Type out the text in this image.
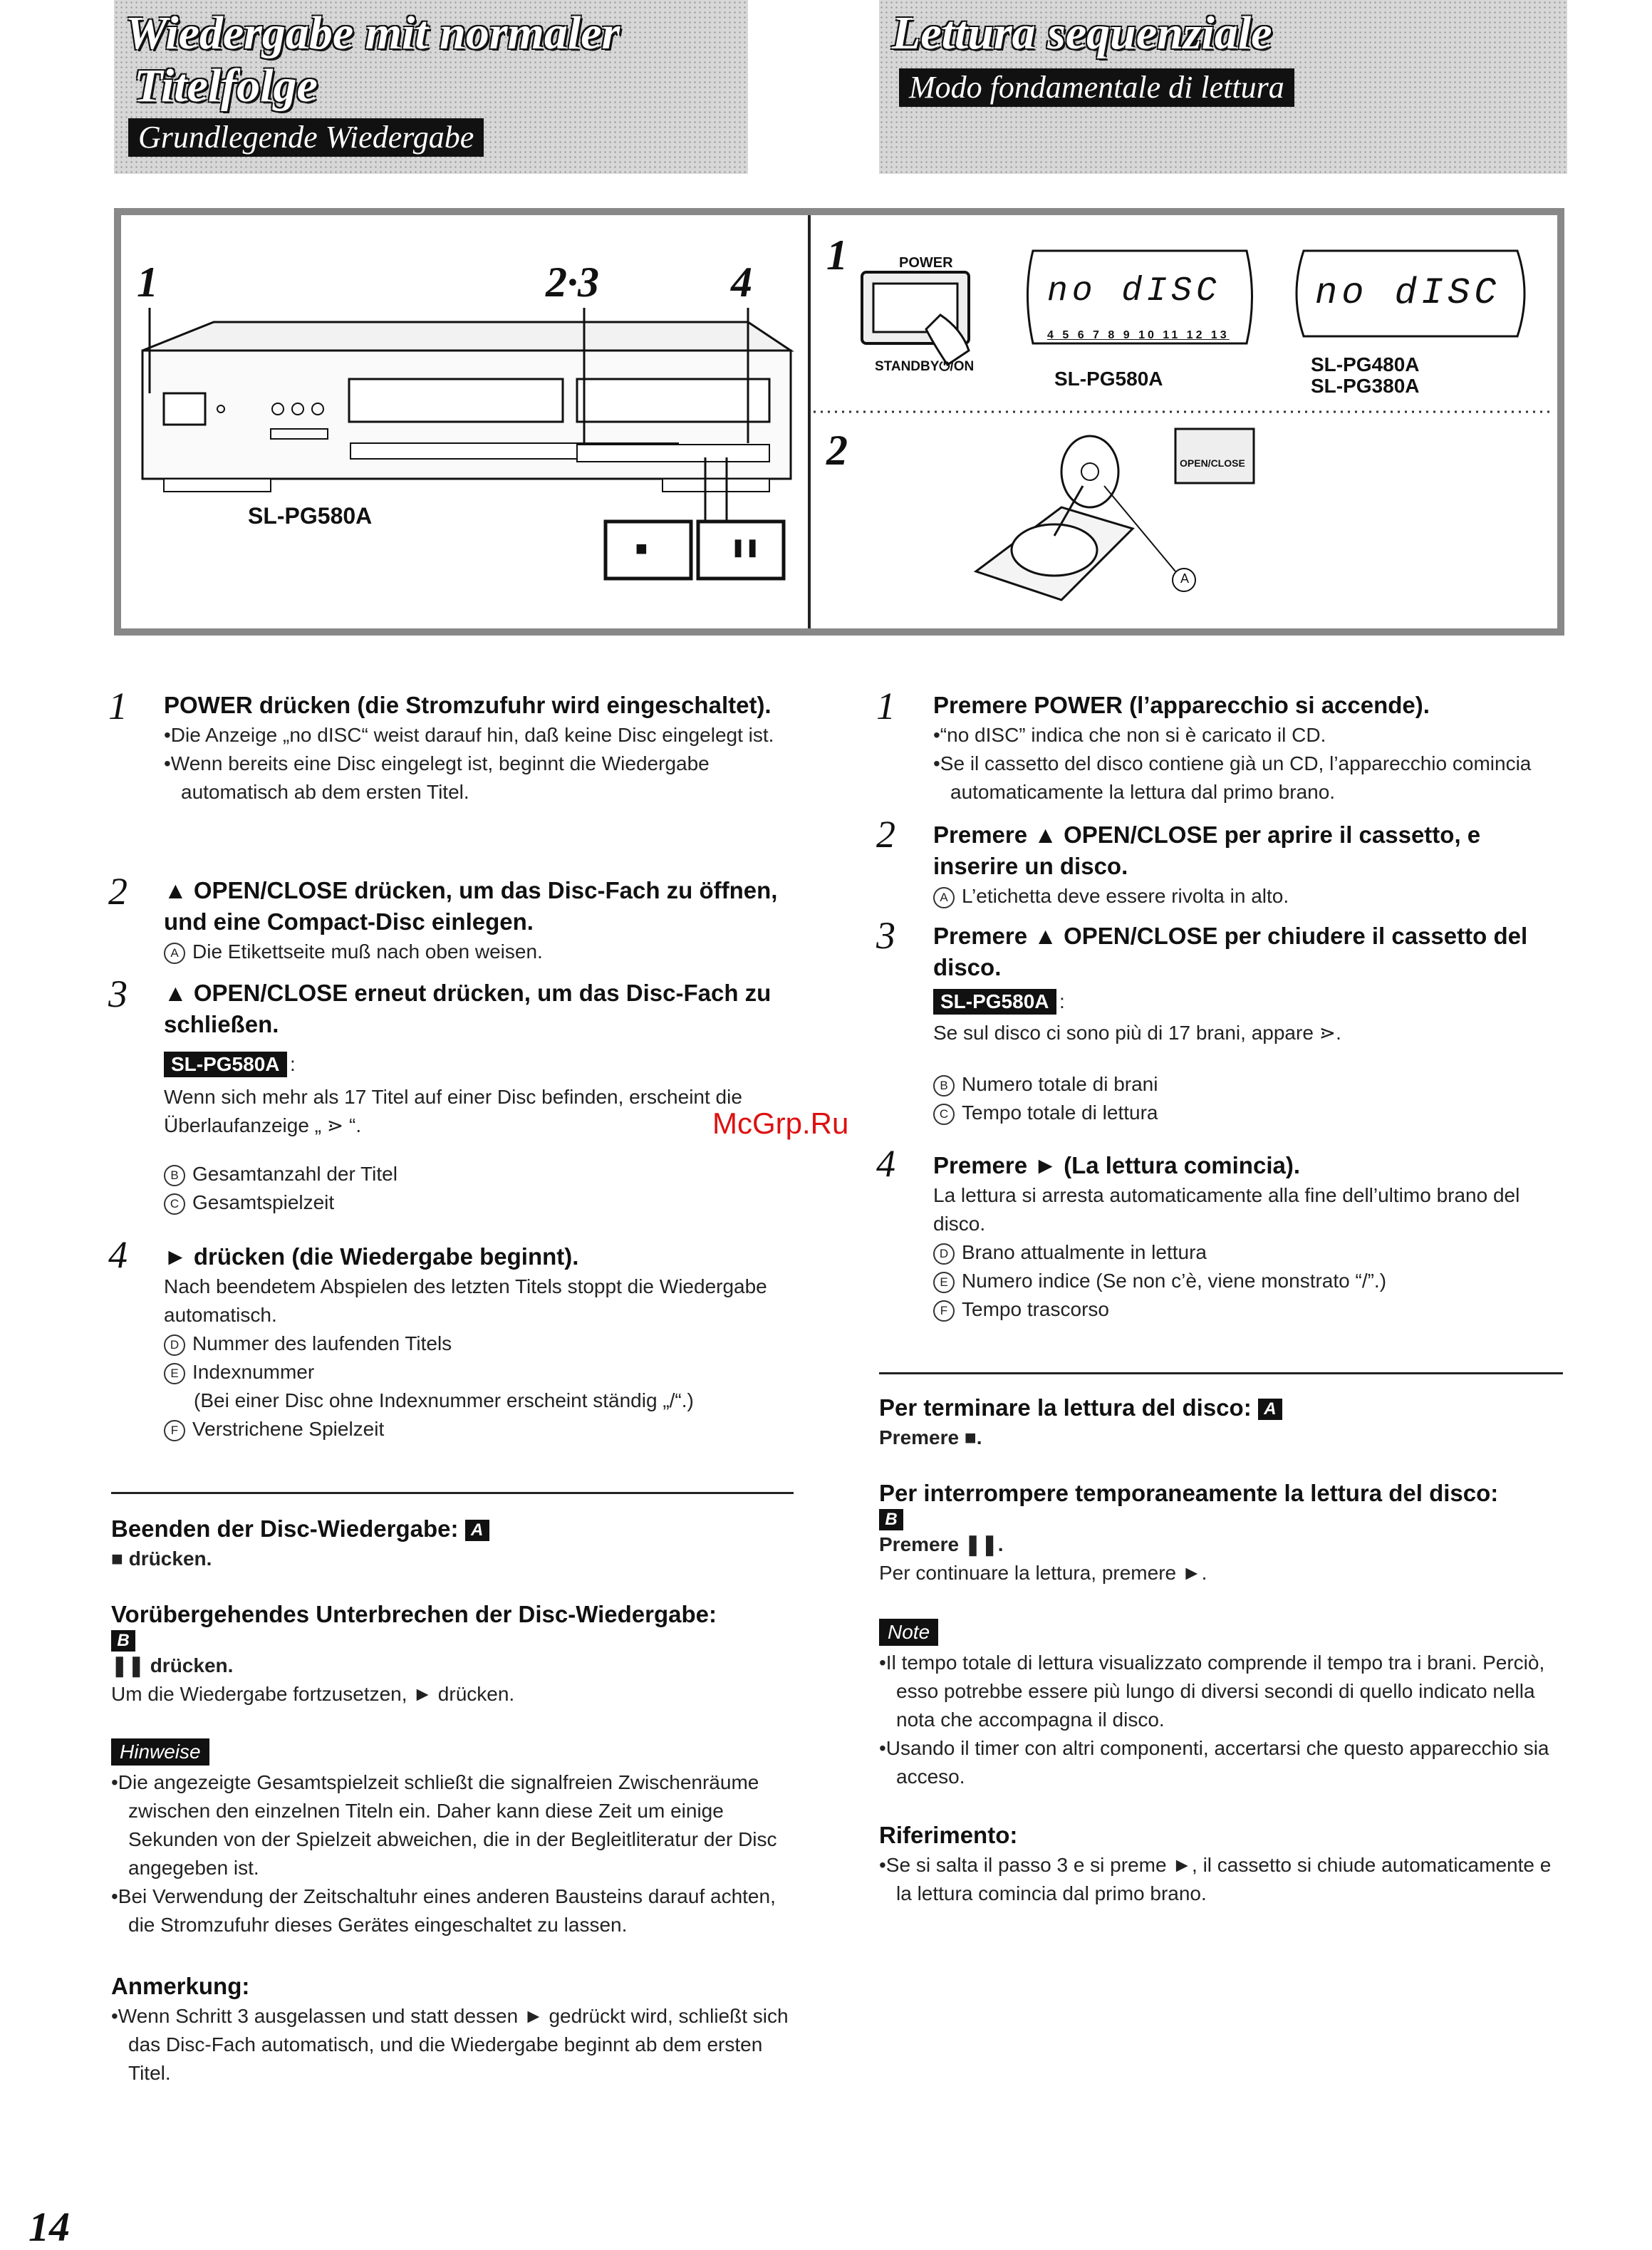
Wiedergabe mit normaler
Titelfolge
Grundlegende Wiedergabe
Lettura sequenziale
Modo fondamentale di lettura
1	2·3	4
SL-PG580A
■	❚❚
1
2
POWER
STANDBY⏻/ON
no dISC
4 5 6 7 8 9 10 11 12 13
SL-PG580A
no dISC
SL-PG480A
SL-PG380A
OPEN/CLOSE
A
1 POWER drücken (die Stromzufuhr wird eingeschaltet).
•Die Anzeige „no dISC“ weist darauf hin, daß keine Disc eingelegt ist.
•Wenn bereits eine Disc eingelegt ist, beginnt die Wiedergabe automatisch ab dem ersten Titel.
2 ▲ OPEN/CLOSE drücken, um das Disc-Fach zu öffnen, und eine Compact-Disc einlegen.
A Die Etikettseite muß nach oben weisen.
3 ▲ OPEN/CLOSE erneut drücken, um das Disc-Fach zu schließen.
SL-PG580A :
Wenn sich mehr als 17 Titel auf einer Disc befinden, erscheint die Überlaufanzeige „ ⋗ “.
B Gesamtanzahl der Titel
C Gesamtspielzeit
4 ► drücken (die Wiedergabe beginnt).
Nach beendetem Abspielen des letzten Titels stoppt die Wiedergabe automatisch.
D Nummer des laufenden Titels
E Indexnummer
(Bei einer Disc ohne Indexnummer erscheint ständig „/“.)
F Verstrichene Spielzeit
Beenden der Disc-Wiedergabe: A
■ drücken.
Vorübergehendes Unterbrechen der Disc-Wiedergabe:
B
❚❚ drücken.
Um die Wiedergabe fortzusetzen, ► drücken.
Hinweise
•Die angezeigte Gesamtspielzeit schließt die signalfreien Zwischenräume zwischen den einzelnen Titeln ein. Daher kann diese Zeit um einige Sekunden von der Spielzeit abweichen, die in der Begleitliteratur der Disc angegeben ist.
•Bei Verwendung der Zeitschaltuhr eines anderen Bausteins darauf achten, die Stromzufuhr dieses Gerätes eingeschaltet zu lassen.
Anmerkung:
•Wenn Schritt 3 ausgelassen und statt dessen ► gedrückt wird, schließt sich das Disc-Fach automatisch, und die Wiedergabe beginnt ab dem ersten Titel.
1 Premere POWER (l’apparecchio si accende).
•“no dISC” indica che non si è caricato il CD.
•Se il cassetto del disco contiene già un CD, l’apparecchio comincia automaticamente la lettura dal primo brano.
2 Premere ▲ OPEN/CLOSE per aprire il cassetto, e inserire un disco.
A L’etichetta deve essere rivolta in alto.
3 Premere ▲ OPEN/CLOSE per chiudere il cassetto del disco.
SL-PG580A :
Se sul disco ci sono più di 17 brani, appare ⋗.
B Numero totale di brani
C Tempo totale di lettura
4 Premere ► (La lettura comincia).
La lettura si arresta automaticamente alla fine dell’ultimo brano del disco.
D Brano attualmente in lettura
E Numero indice (Se non c’è, viene monstrato “/”.)
F Tempo trascorso
Per terminare la lettura del disco: A
Premere ■.
Per interrompere temporaneamente la lettura del disco:
B
Premere ❚❚.
Per continuare la lettura, premere ►.
Note
•Il tempo totale di lettura visualizzato comprende il tempo tra i brani. Perciò, esso potrebbe essere più lungo di diversi secondi di quello indicato nella nota che accompagna il disco.
•Usando il timer con altri componenti, accertarsi che questo apparecchio sia acceso.
Riferimento:
•Se si salta il passo 3 e si preme ►, il cassetto si chiude automaticamente e la lettura comincia dal primo brano.
McGrp.Ru
14
